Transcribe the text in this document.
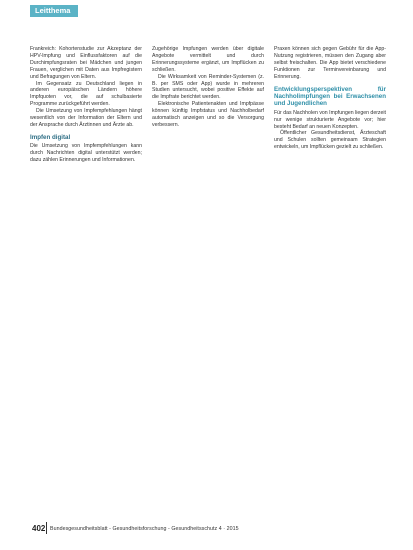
Leitthema

Frankreich: Kohortenstudie zur Akzeptanz der HPV-Impfung und Einflussfaktoren auf die Durchimpfungsraten bei Mädchen und jungen Frauen, verglichen mit Daten aus Impfregistern und Befragungen von Eltern.

Im Gegensatz zu Deutschland liegen in anderen europäischen Ländern höhere Impfquoten vor, die auf schulbasierte Programme zurückgeführt werden.

Die Umsetzung von Impfempfehlungen hängt wesentlich von der Information der Eltern und der Ansprache durch Ärztinnen und Ärzte ab.

Impfen digital

Die Umsetzung von Impfempfehlungen kann durch Nachrichten digital unterstützt werden; dazu zählen Erinnerungen und Informationen.

Zugehörige Impfungen werden über digitale Angebote vermittelt und durch Erinnerungssysteme ergänzt, um Impflücken zu schließen.

Die Wirksamkeit von Reminder-Systemen (z. B. per SMS oder App) wurde in mehreren Studien untersucht, wobei positive Effekte auf die Impfrate berichtet werden.

Elektronische Patientenakten und Impfpässe können künftig Impfstatus und Nachholbedarf automatisch anzeigen und so die Versorgung verbessern.

Praxen können sich gegen Gebühr für die App-Nutzung registrieren, müssen den Zugang aber selbst freischalten. Die App bietet verschiedene Funktionen zur Terminvereinbarung und Erinnerung.

Entwicklungsperspektiven für Nachholimpfungen bei Erwachsenen und Jugendlichen

Für das Nachholen von Impfungen liegen derzeit nur wenige strukturierte Angebote vor; hier besteht Bedarf an neuen Konzepten.

Öffentlicher Gesundheitsdienst, Ärzteschaft und Schulen sollten gemeinsam Strategien entwickeln, um Impflücken gezielt zu schließen.

402 Bundesgesundheitsblatt - Gesundheitsforschung - Gesundheitsschutz 4 · 2015
